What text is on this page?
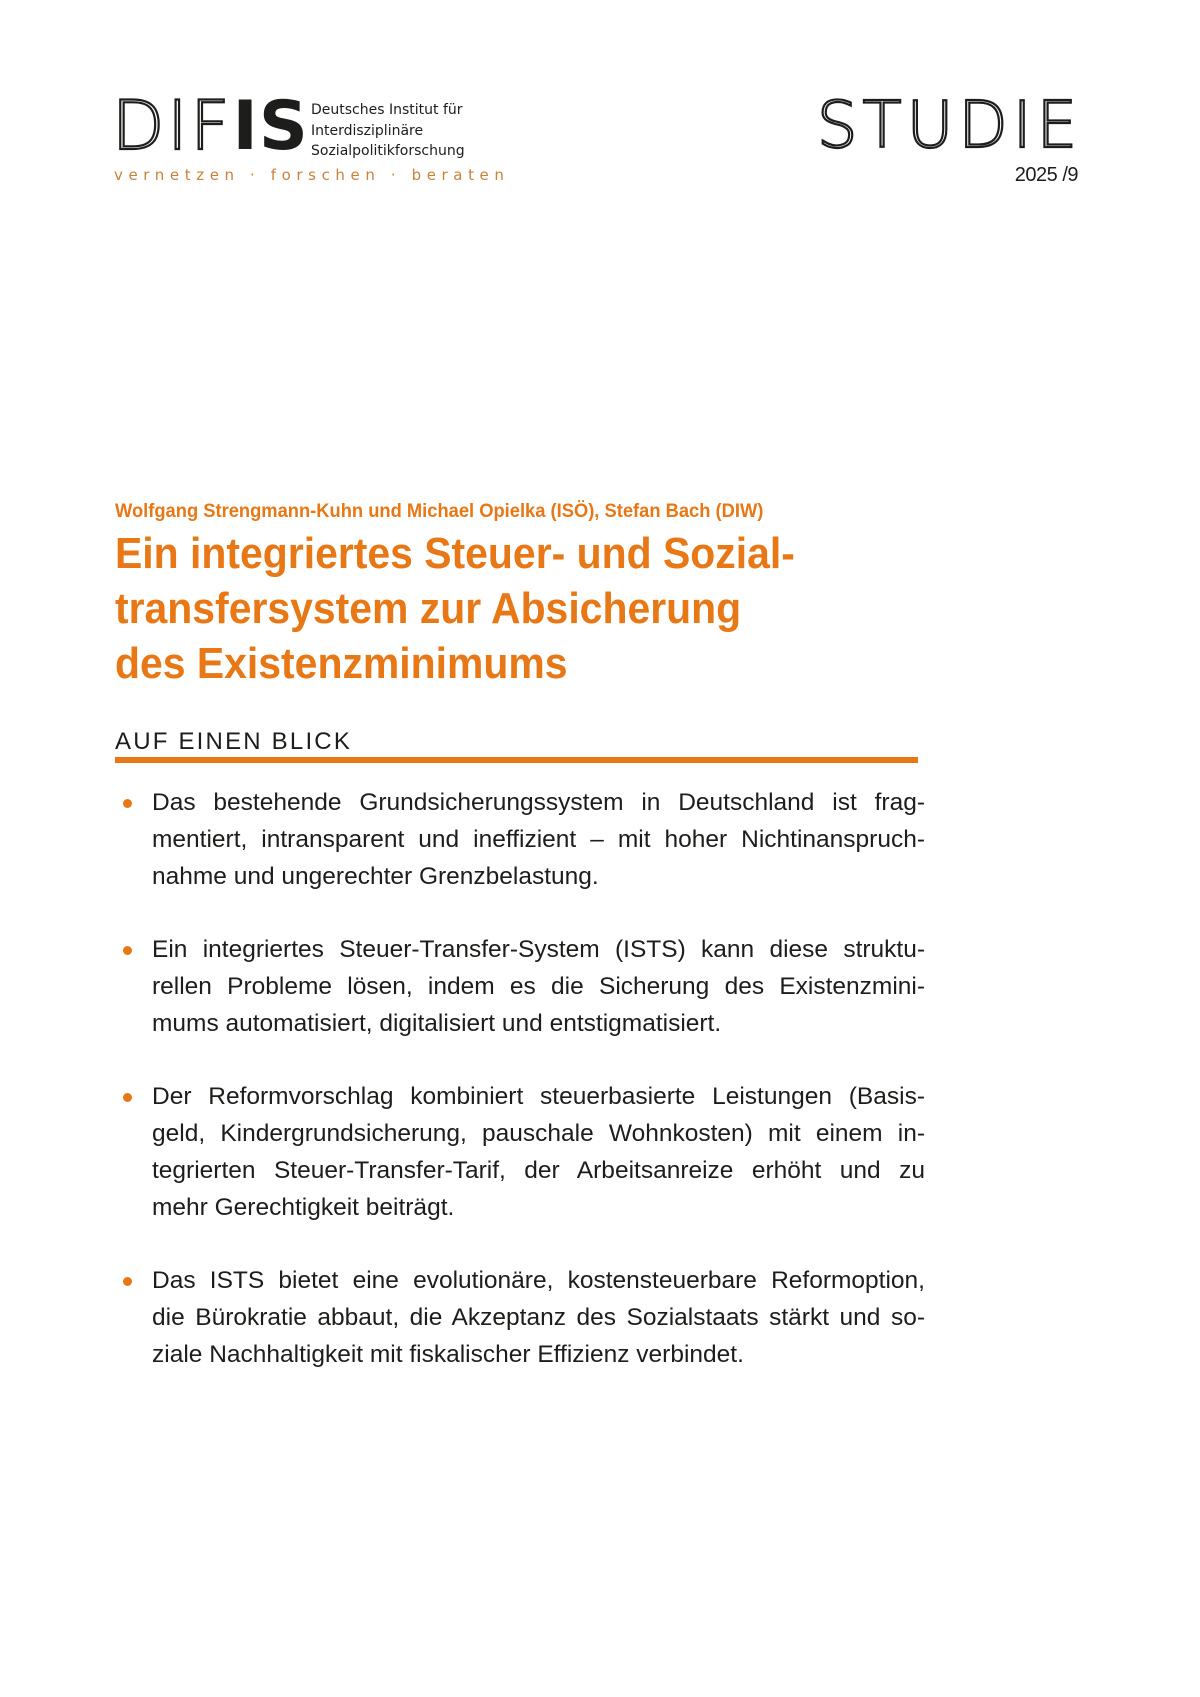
DIFIS Deutsches Institut für
Interdisziplinäre
Sozialpolitikforschung
vernetzen · forschen · beraten
STUDIE
2025 /9
Wolfgang Strengmann-Kuhn und Michael Opielka (ISÖ), Stefan Bach (DIW)
Ein integriertes Steuer- und Sozial-
transfersystem zur Absicherung
des Existenzminimums
AUF EINEN BLICK
Das bestehende Grundsicherungssystem in Deutschland ist frag-
mentiert, intransparent und ineffizient – mit hoher Nichtinanspruch-
nahme und ungerechter Grenzbelastung.
Ein integriertes Steuer-Transfer-System (ISTS) kann diese struktu-
rellen Probleme lösen, indem es die Sicherung des Existenzmini-
mums automatisiert, digitalisiert und entstigmatisiert.
Der Reformvorschlag kombiniert steuerbasierte Leistungen (Basis-
geld, Kindergrundsicherung, pauschale Wohnkosten) mit einem in-
tegrierten Steuer-Transfer-Tarif, der Arbeitsanreize erhöht und zu
mehr Gerechtigkeit beiträgt.
Das ISTS bietet eine evolutionäre, kostensteuerbare Reformoption,
die Bürokratie abbaut, die Akzeptanz des Sozialstaats stärkt und so-
ziale Nachhaltigkeit mit fiskalischer Effizienz verbindet.
